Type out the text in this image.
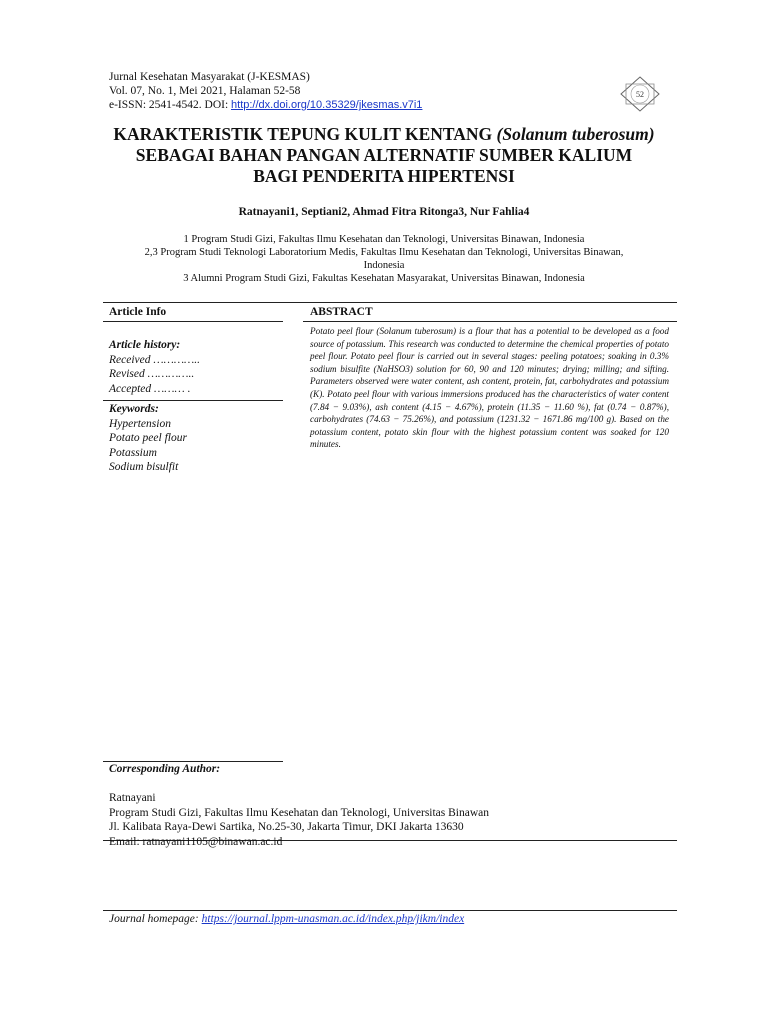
Jurnal Kesehatan Masyarakat (J-KESMAS)
Vol. 07, No. 1, Mei 2021, Halaman 52-58
e-ISSN: 2541-4542. DOI: http://dx.doi.org/10.35329/jkesmas.v7i1
52
KARAKTERISTIK TEPUNG KULIT KENTANG (Solanum tuberosum)
SEBAGAI BAHAN PANGAN ALTERNATIF SUMBER KALIUM
BAGI PENDERITA HIPERTENSI
Ratnayani1, Septiani2, Ahmad Fitra Ritonga3, Nur Fahlia4
1 Program Studi Gizi, Fakultas Ilmu Kesehatan dan Teknologi, Universitas Binawan, Indonesia
2,3 Program Studi Teknologi Laboratorium Medis, Fakultas Ilmu Kesehatan dan Teknologi, Universitas Binawan,
Indonesia
3 Alumni Program Studi Gizi, Fakultas Kesehatan Masyarakat, Universitas Binawan, Indonesia
Article Info	ABSTRACT
Article history:
Received …………..
Revised …………..
Accepted ……… .
Keywords:
Hypertension
Potato peel flour
Potassium
Sodium bisulfit
Potato peel flour (Solanum tuberosum) is a flour that has a potential to be developed as a food source of potassium. This research was conducted to determine the chemical properties of potato peel flour. Potato peel flour is carried out in several stages: peeling potatoes; soaking in 0.3% sodium bisulfite (NaHSO3) solution for 60, 90 and 120 minutes; drying; milling; and sifting. Parameters observed were water content, ash content, protein, fat, carbohydrates and potassium (K). Potato peel flour with various immersions produced has the characteristics of water content (7.84 − 9.03%), ash content (4.15 − 4.67%), protein (11.35 − 11.60 %), fat (0.74 − 0.87%), carbohydrates (74.63 − 75.26%), and potassium (1231.32 − 1671.86 mg/100 g). Based on the potassium content, potato skin flour with the highest potassium content was soaked for 120 minutes.
Corresponding Author:
Ratnayani
Program Studi Gizi, Fakultas Ilmu Kesehatan dan Teknologi, Universitas Binawan
Jl. Kalibata Raya-Dewi Sartika, No.25-30, Jakarta Timur, DKI Jakarta 13630
Email: ratnayani1105@binawan.ac.id
Journal homepage: https://journal.lppm-unasman.ac.id/index.php/jikm/index
